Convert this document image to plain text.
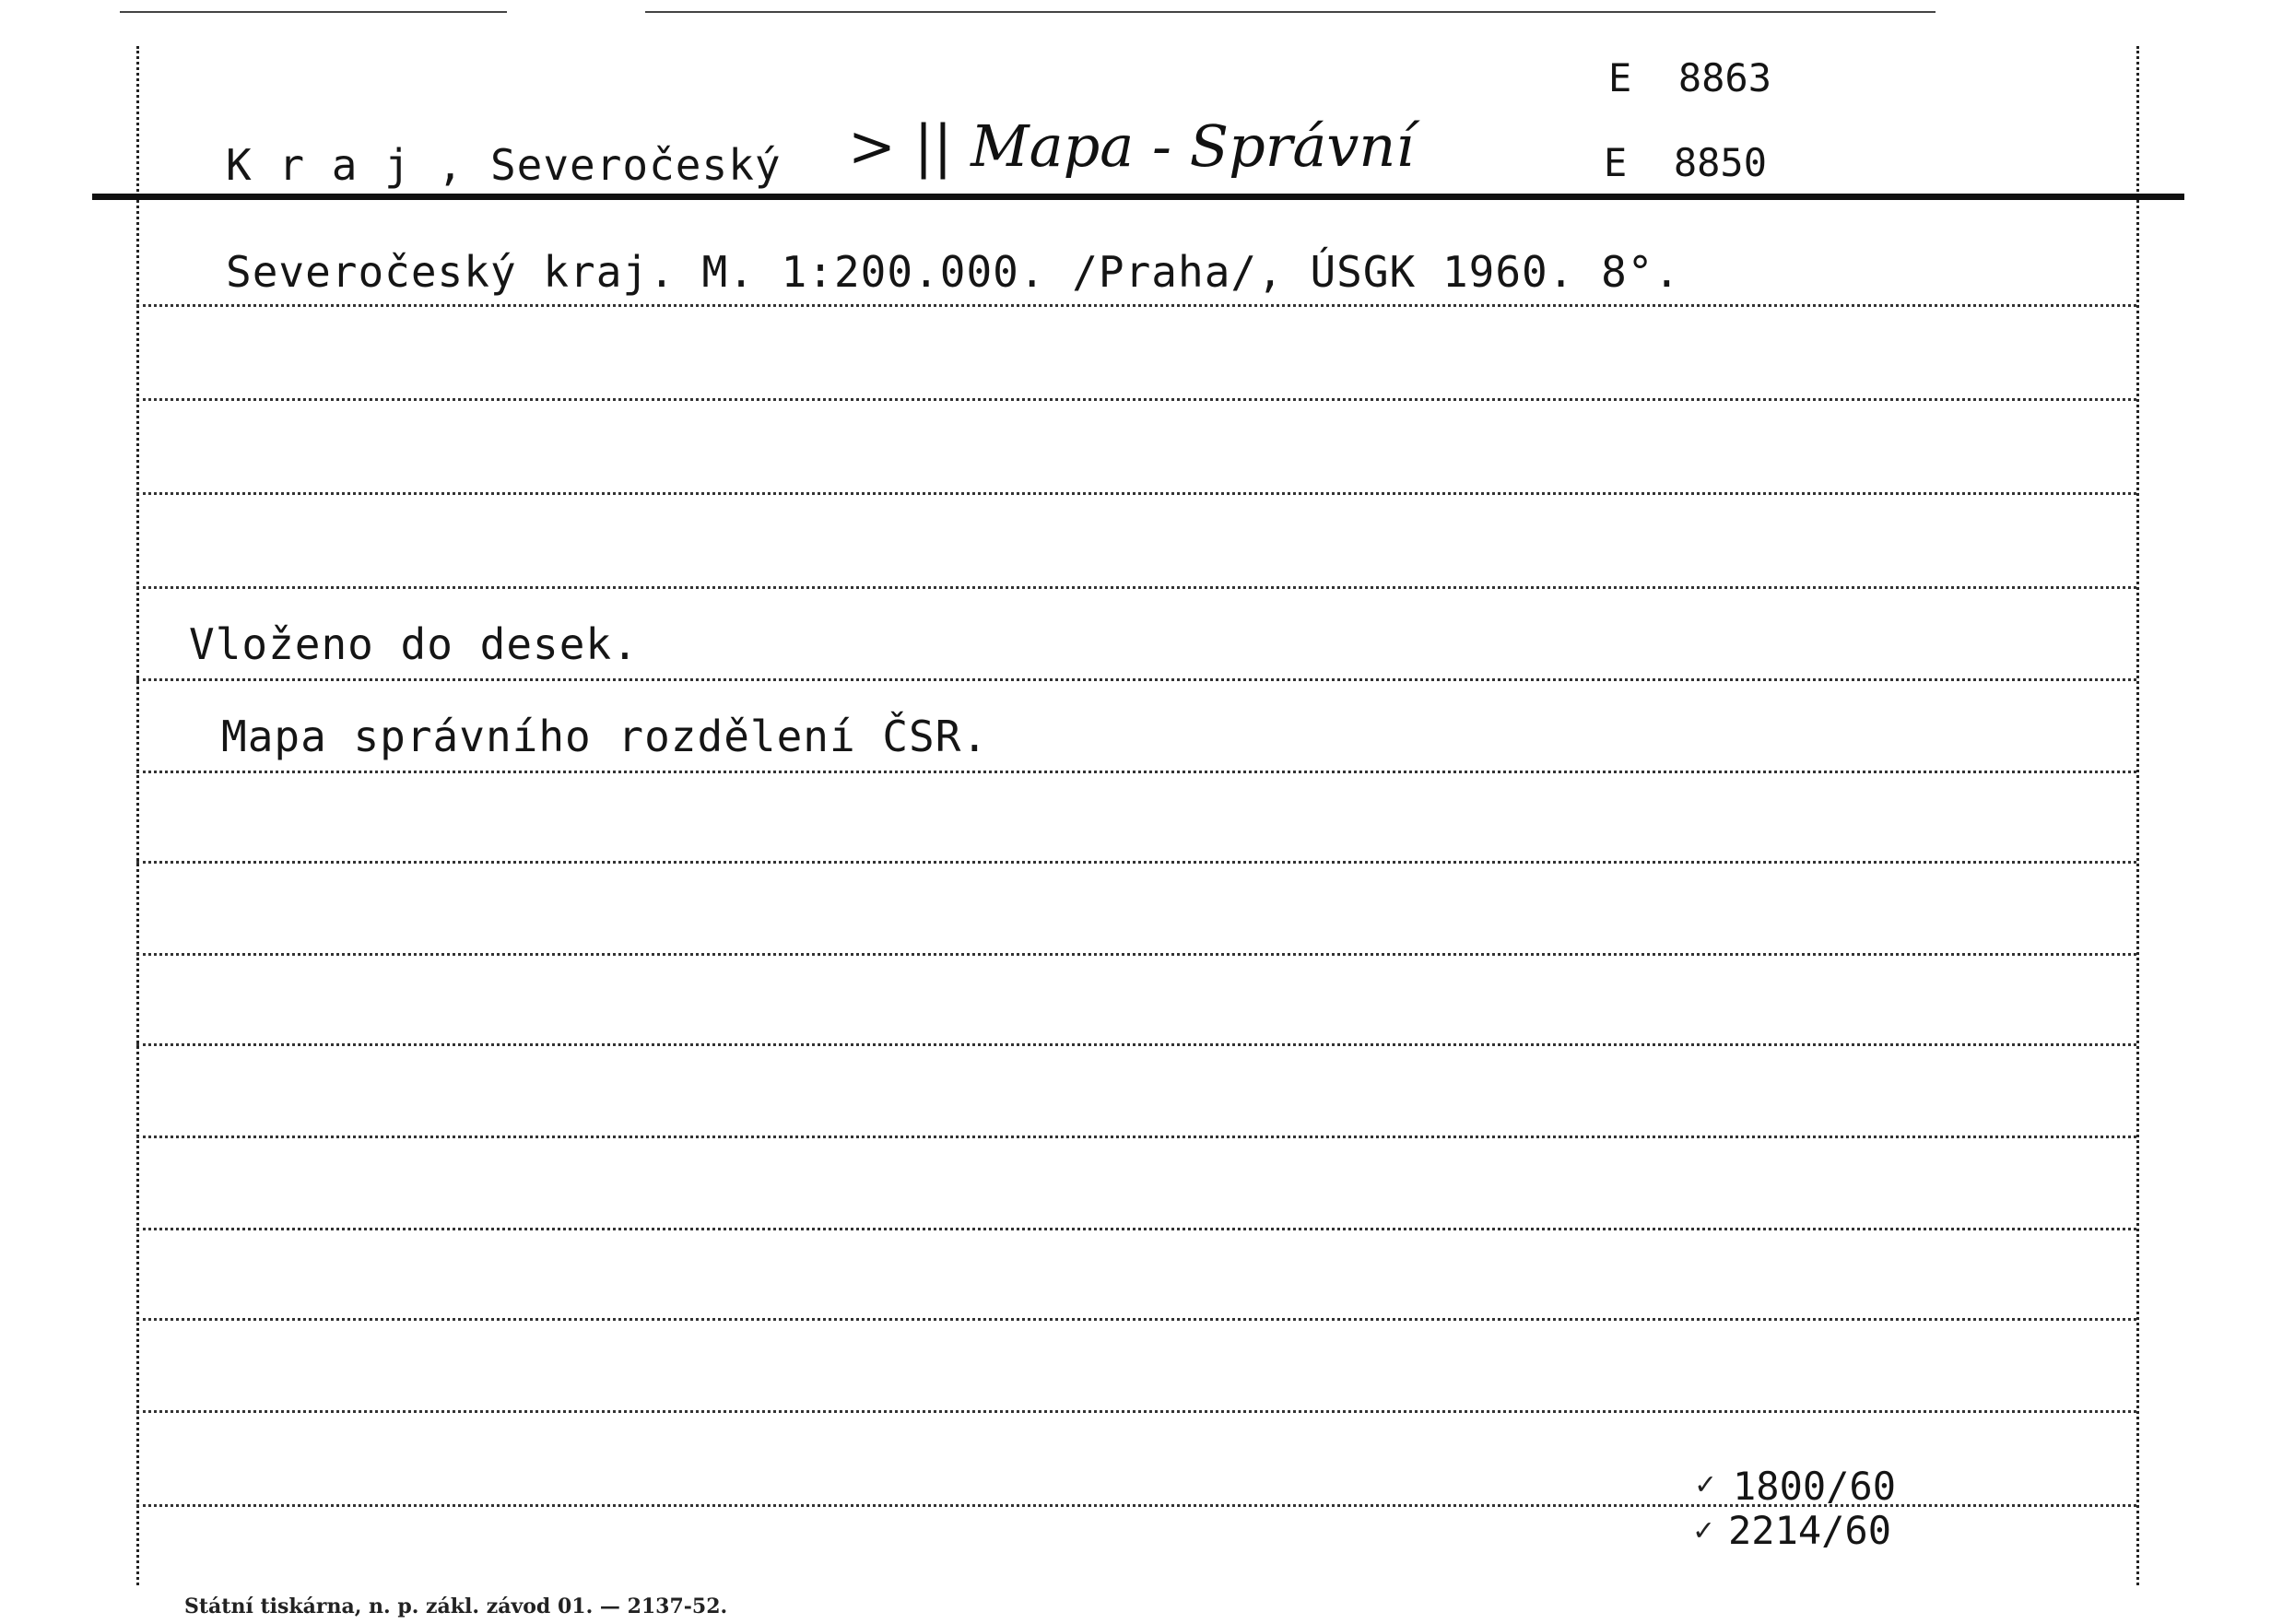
E  8863
E  8850
K r a j , Severočeský > || Mapa - Správní
Severočeský kraj. M. 1:200.000. /Praha/, ÚSGK 1960. 8°.
Vloženo do desek.
Mapa správního rozdělení ČSR.
✓ 1800/60
✓ 2214/60
Státní tiskárna, n. p. zákl. závod 01. — 2137-52.
